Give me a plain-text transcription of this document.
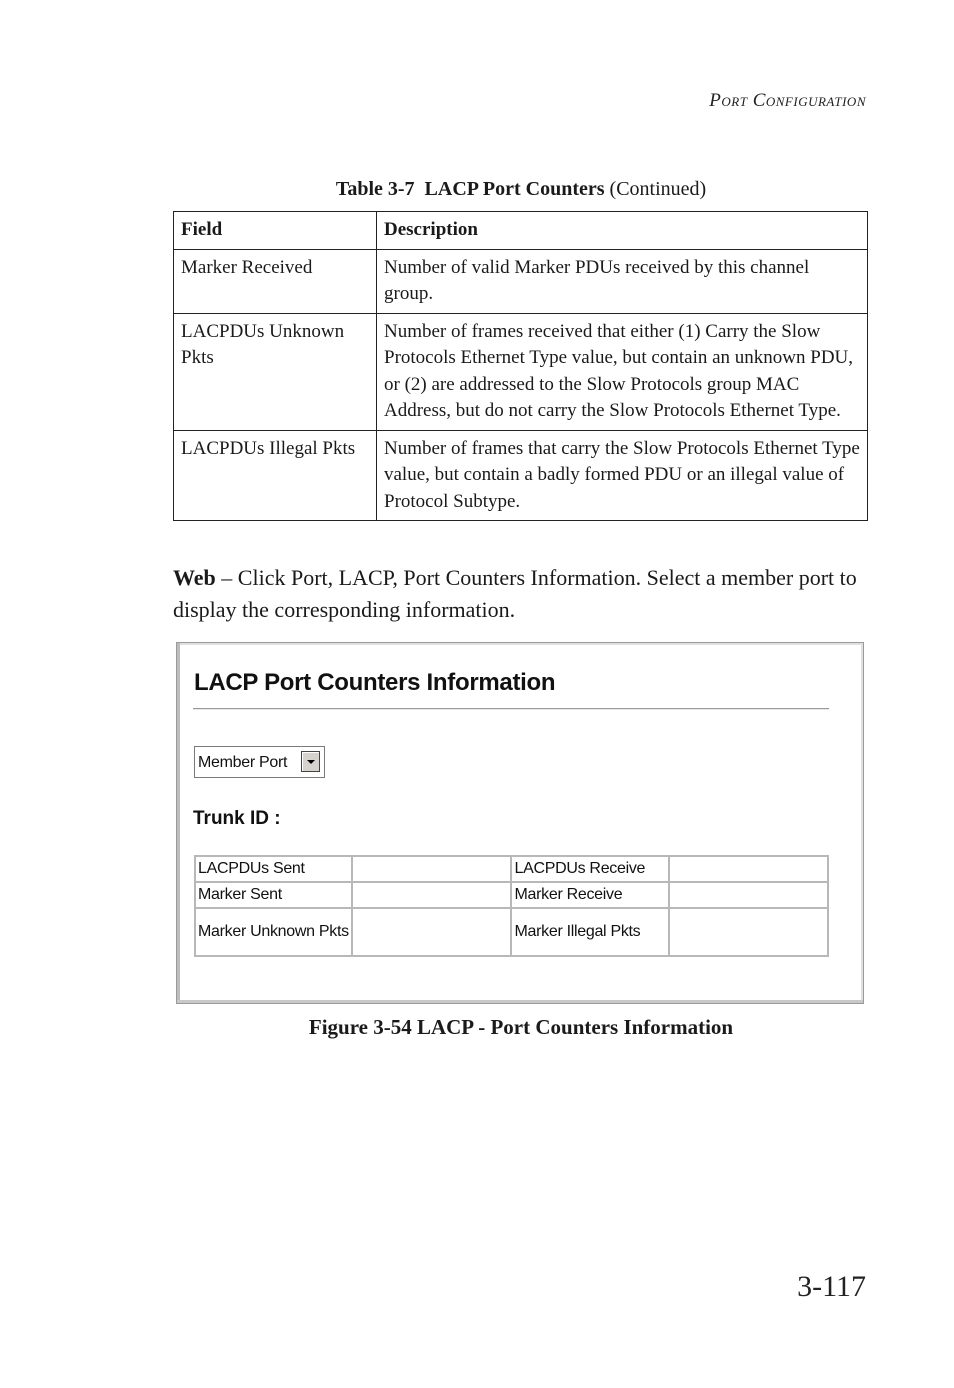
Port Configuration
Table 3-7 LACP Port Counters (Continued)
Field	Description
Marker Received	Number of valid Marker PDUs received by this channel group.
LACPDUs Unknown Pkts	Number of frames received that either (1) Carry the Slow Protocols Ethernet Type value, but contain an unknown PDU, or (2) are addressed to the Slow Protocols group MAC Address, but do not carry the Slow Protocols Ethernet Type.
LACPDUs Illegal Pkts	Number of frames that carry the Slow Protocols Ethernet Type value, but contain a badly formed PDU or an illegal value of Protocol Subtype.

Web – Click Port, LACP, Port Counters Information. Select a member port to display the corresponding information.

LACP Port Counters Information
Member Port
Trunk ID :
LACPDUs Sent		LACPDUs Receive	
Marker Sent		Marker Receive	
Marker Unknown Pkts		Marker Illegal Pkts	
Figure 3-54 LACP - Port Counters Information
3-117
